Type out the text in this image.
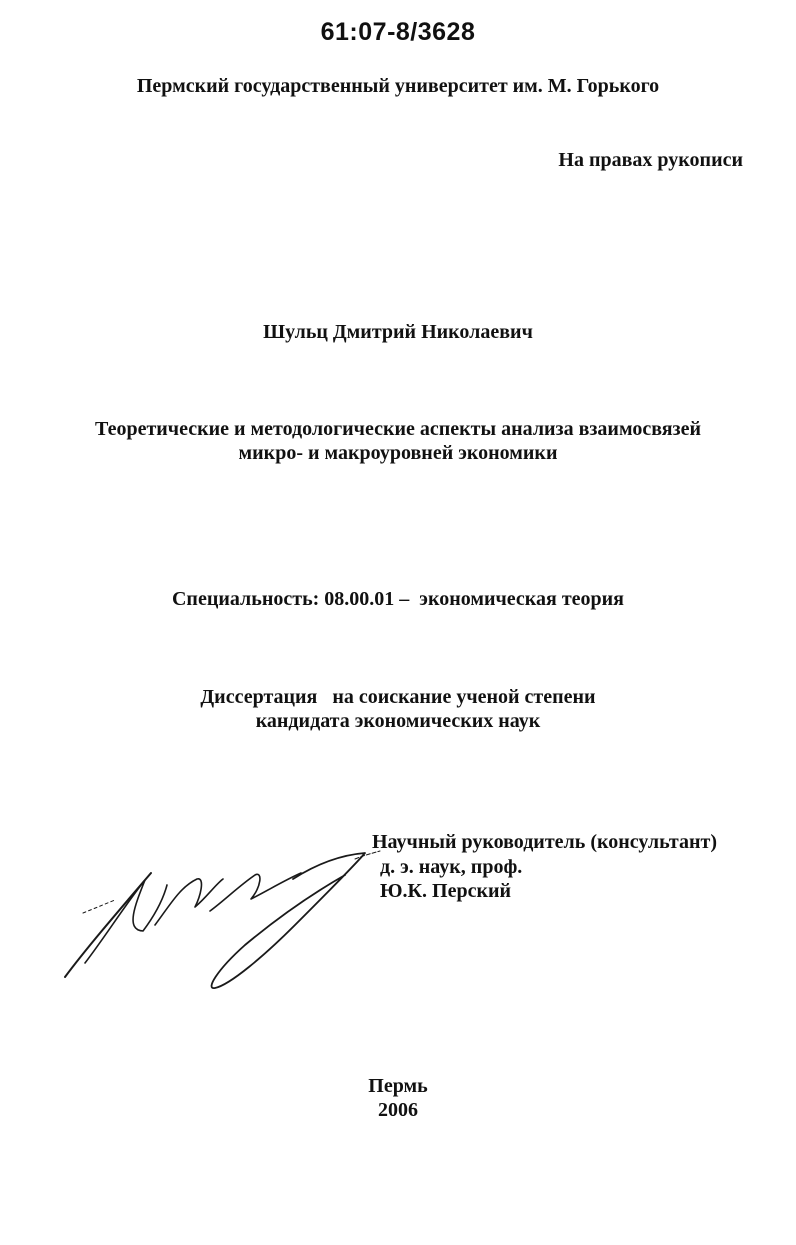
61:07-8/3628
Пермский государственный университет им. М. Горького
На правах рукописи
Шульц Дмитрий Николаевич
Теоретические и методологические аспекты анализа взаимосвязей
микро- и макроуровней экономики
Специальность: 08.00.01 –  экономическая теория
Диссертация   на соискание ученой степени
кандидата экономических наук
Научный руководитель (консультант)
д. э. наук, проф.
Ю.К. Перский
Пермь
2006
